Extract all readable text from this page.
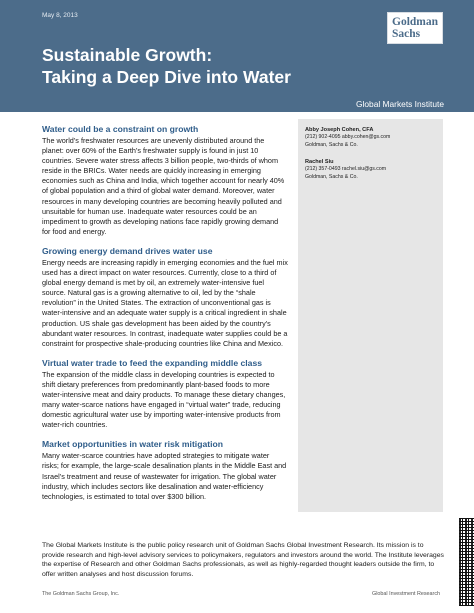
May 8, 2013
Goldman
Sachs
Sustainable Growth:
Taking a Deep Dive into Water
Global Markets Institute
Abby Joseph Cohen, CFA
(212) 902-4095 abby.cohen@gs.com
Goldman, Sachs & Co.
Rachel Siu
(212) 357-0493 rachel.siu@gs.com
Goldman, Sachs & Co.
Water could be a constraint on growth
The world’s freshwater resources are unevenly distributed around the planet: over 60% of the Earth’s freshwater supply is found in just 10 countries. Severe water stress affects 3 billion people, two-thirds of whom reside in the BRICs. Water needs are quickly increasing in emerging economies such as China and India, which together account for nearly 40% of global population and a third of global water demand. Moreover, water resources in many developing countries are becoming heavily polluted and unsuitable for human use. Inadequate water resources could be an impediment to growth as developing nations face rapidly growing demand for food and energy.
Growing energy demand drives water use
Energy needs are increasing rapidly in emerging economies and the fuel mix used has a direct impact on water resources. Currently, close to a third of global energy demand is met by oil, an extremely water-intensive fuel source. Natural gas is a growing alternative to oil, led by the “shale revolution” in the United States. The extraction of unconventional gas is water-intensive and an adequate water supply is a critical ingredient in shale production. US shale gas development has been aided by the country’s abundant water resources. In contrast, inadequate water supplies could be a constraint for prospective shale-producing countries like China and Mexico.
Virtual water trade to feed the expanding middle class
The expansion of the middle class in developing countries is expected to shift dietary preferences from predominantly plant-based foods to more water-intensive meat and dairy products. To manage these dietary changes, many water-scarce nations have engaged in “virtual water” trade, reducing domestic agricultural water use by importing water-intensive products from water-rich countries.
Market opportunities in water risk mitigation
Many water-scarce countries have adopted strategies to mitigate water risks; for example, the large-scale desalination plants in the Middle East and Israel’s treatment and reuse of wastewater for irrigation. The global water industry, which includes sectors like desalination and water-efficiency technologies, is estimated to total over $300 billion.
The Global Markets Institute is the public policy research unit of Goldman Sachs Global Investment Research. Its mission is to provide research and high-level advisory services to policymakers, regulators and investors around the world. The Institute leverages the expertise of Research and other Goldman Sachs professionals, as well as highly-regarded thought leaders outside the firm, to offer written analyses and host discussion forums.
The Goldman Sachs Group, Inc.	Global Investment Research
